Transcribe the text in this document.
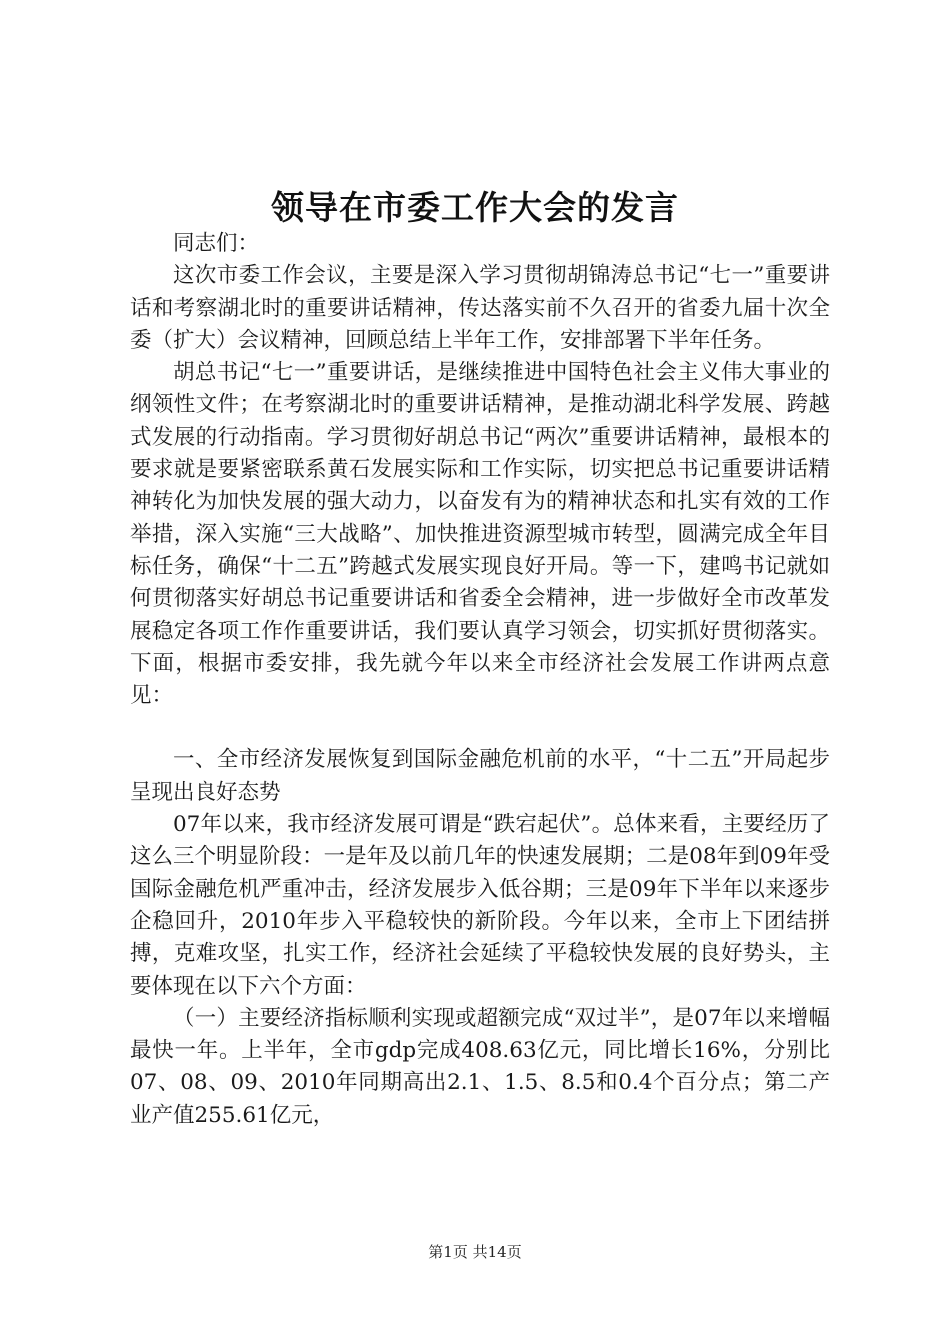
领导在市委工作大会的发言

同志们：

这次市委工作会议，主要是深入学习贯彻胡锦涛总书记“七一”重要讲话和考察湖北时的重要讲话精神，传达落实前不久召开的省委九届十次全委（扩大）会议精神，回顾总结上半年工作，安排部署下半年任务。

胡总书记“七一”重要讲话，是继续推进中国特色社会主义伟大事业的纲领性文件；在考察湖北时的重要讲话精神，是推动湖北科学发展、跨越式发展的行动指南。学习贯彻好胡总书记“两次”重要讲话精神，最根本的要求就是要紧密联系黄石发展实际和工作实际，切实把总书记重要讲话精神转化为加快发展的强大动力，以奋发有为的精神状态和扎实有效的工作举措，深入实施“三大战略”、加快推进资源型城市转型，圆满完成全年目标任务，确保“十二五”跨越式发展实现良好开局。等一下，建鸣书记就如何贯彻落实好胡总书记重要讲话和省委全会精神，进一步做好全市改革发展稳定各项工作作重要讲话，我们要认真学习领会，切实抓好贯彻落实。下面，根据市委安排，我先就今年以来全市经济社会发展工作讲两点意见：

一、全市经济发展恢复到国际金融危机前的水平，“十二五”开局起步呈现出良好态势

07年以来，我市经济发展可谓是“跌宕起伏”。总体来看，主要经历了这么三个明显阶段：一是年及以前几年的快速发展期；二是08年到09年受国际金融危机严重冲击，经济发展步入低谷期；三是09年下半年以来逐步企稳回升，2010年步入平稳较快的新阶段。今年以来，全市上下团结拼搏，克难攻坚，扎实工作，经济社会延续了平稳较快发展的良好势头，主要体现在以下六个方面：

（一）主要经济指标顺利实现或超额完成“双过半”，是07年以来增幅最快一年。上半年，全市gdp完成408.63亿元，同比增长16%，分别比07、08、09、2010年同期高出2.1、1.5、8.5和0.4个百分点；第二产业产值255.61亿元，

第1页 共14页
